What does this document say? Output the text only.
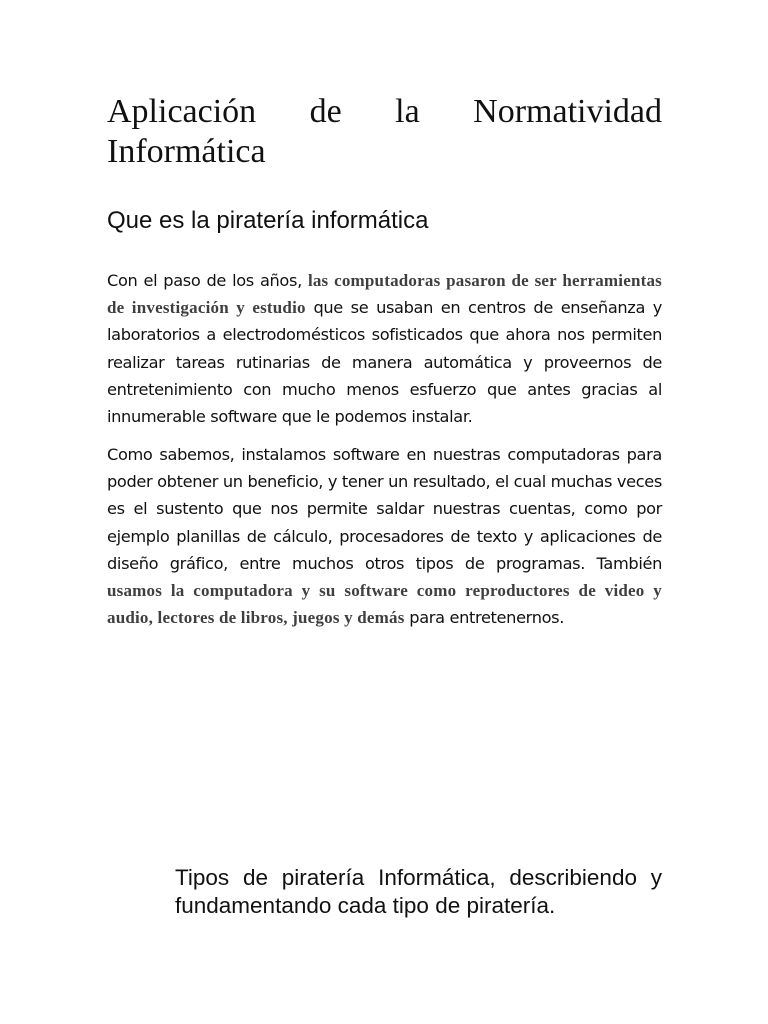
Aplicación de la Normatividad Informática
Que es la piratería informática

Con el paso de los años, las computadoras pasaron de ser herramientas de investigación y estudio que se usaban en centros de enseñanza y laboratorios a electrodomésticos sofisticados que ahora nos permiten realizar tareas rutinarias de manera automática y proveernos de entretenimiento con mucho menos esfuerzo que antes gracias al innumerable software que le podemos instalar.

Como sabemos, instalamos software en nuestras computadoras para poder obtener un beneficio, y tener un resultado, el cual muchas veces es el sustento que nos permite saldar nuestras cuentas, como por ejemplo planillas de cálculo, procesadores de texto y aplicaciones de diseño gráfico, entre muchos otros tipos de programas. También usamos la computadora y su software como reproductores de video y audio, lectores de libros, juegos y demás para entretenernos.

Tipos de piratería Informática, describiendo y fundamentando cada tipo de piratería.
